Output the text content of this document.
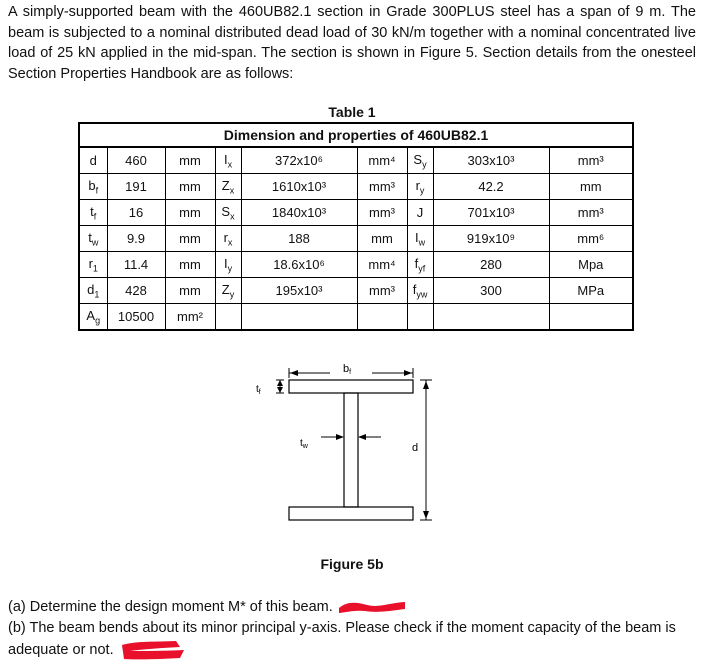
A simply-supported beam with the 460UB82.1 section in Grade 300PLUS steel has a span of 9 m. The beam is subjected to a nominal distributed dead load of 30 kN/m together with a nominal concentrated live load of 25 kN applied in the mid-span. The section is shown in Figure 5. Section details from the onesteel Section Properties Handbook are as follows:

Table 1
Dimension and properties of 460UB82.1								
d	460	mm	$I_x$	372x10⁶	mm⁴	$S_y$	303x10³	mm³
$b_f$	191	mm	$Z_x$	1610x10³	mm³	$r_y$	42.2	mm
$t_f$	16	mm	$S_x$	1840x10³	mm³	J	701x10³	mm³
$t_w$	9.9	mm	$r_x$	188	mm	$I_w$	919x10⁹	mm⁶
$r_1$	11.4	mm	$I_y$	18.6x10⁶	mm⁴	$f_{yf}$	280	Mpa
$d_1$	428	mm	$Z_y$	195x10³	mm³	$f_{yw}$	300	MPa
$A_g$	10500	mm²						
bf
$t_f$
$t_w$	d
Figure 5b

(a) Determine the design moment M* of this beam.

(b) The beam bends about its minor principal y-axis. Please check if the moment capacity of the beam is adequate or not.
